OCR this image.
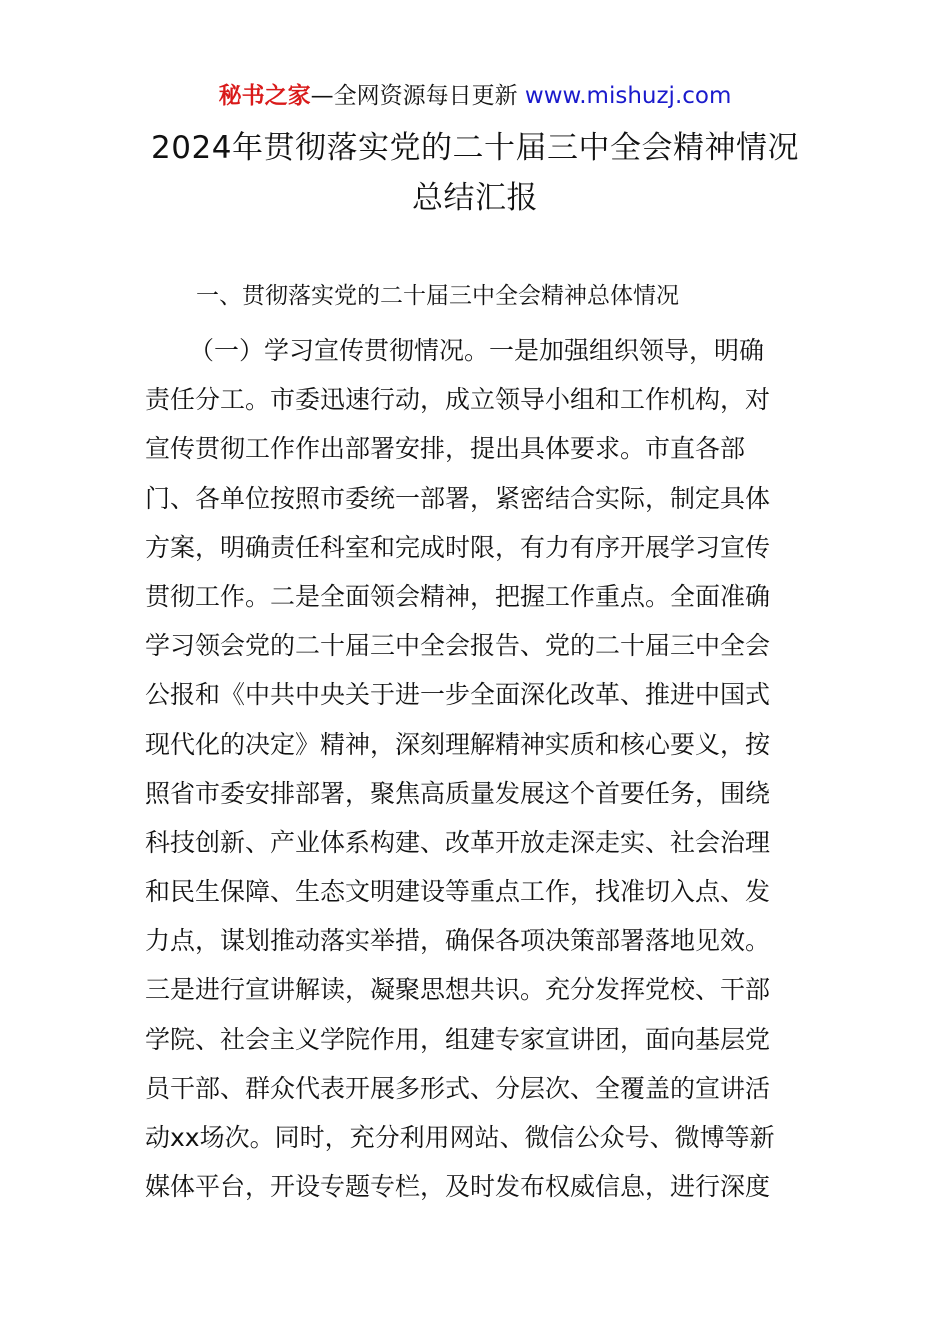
秘书之家—全网资源每日更新 www.mishuzj.com
2024年贯彻落实党的二十届三中全会精神情况
总结汇报
一、贯彻落实党的二十届三中全会精神总体情况
（一）学习宣传贯彻情况。一是加强组织领导，明确
责任分工。市委迅速行动，成立领导小组和工作机构，对
宣传贯彻工作作出部署安排，提出具体要求。市直各部
门、各单位按照市委统一部署，紧密结合实际，制定具体
方案，明确责任科室和完成时限，有力有序开展学习宣传
贯彻工作。二是全面领会精神，把握工作重点。全面准确
学习领会党的二十届三中全会报告、党的二十届三中全会
公报和《中共中央关于进一步全面深化改革、推进中国式
现代化的决定》精神，深刻理解精神实质和核心要义，按
照省市委安排部署，聚焦高质量发展这个首要任务，围绕
科技创新、产业体系构建、改革开放走深走实、社会治理
和民生保障、生态文明建设等重点工作，找准切入点、发
力点，谋划推动落实举措，确保各项决策部署落地见效。
三是进行宣讲解读，凝聚思想共识。充分发挥党校、干部
学院、社会主义学院作用，组建专家宣讲团，面向基层党
员干部、群众代表开展多形式、分层次、全覆盖的宣讲活
动xx场次。同时，充分利用网站、微信公众号、微博等新
媒体平台，开设专题专栏，及时发布权威信息，进行深度
